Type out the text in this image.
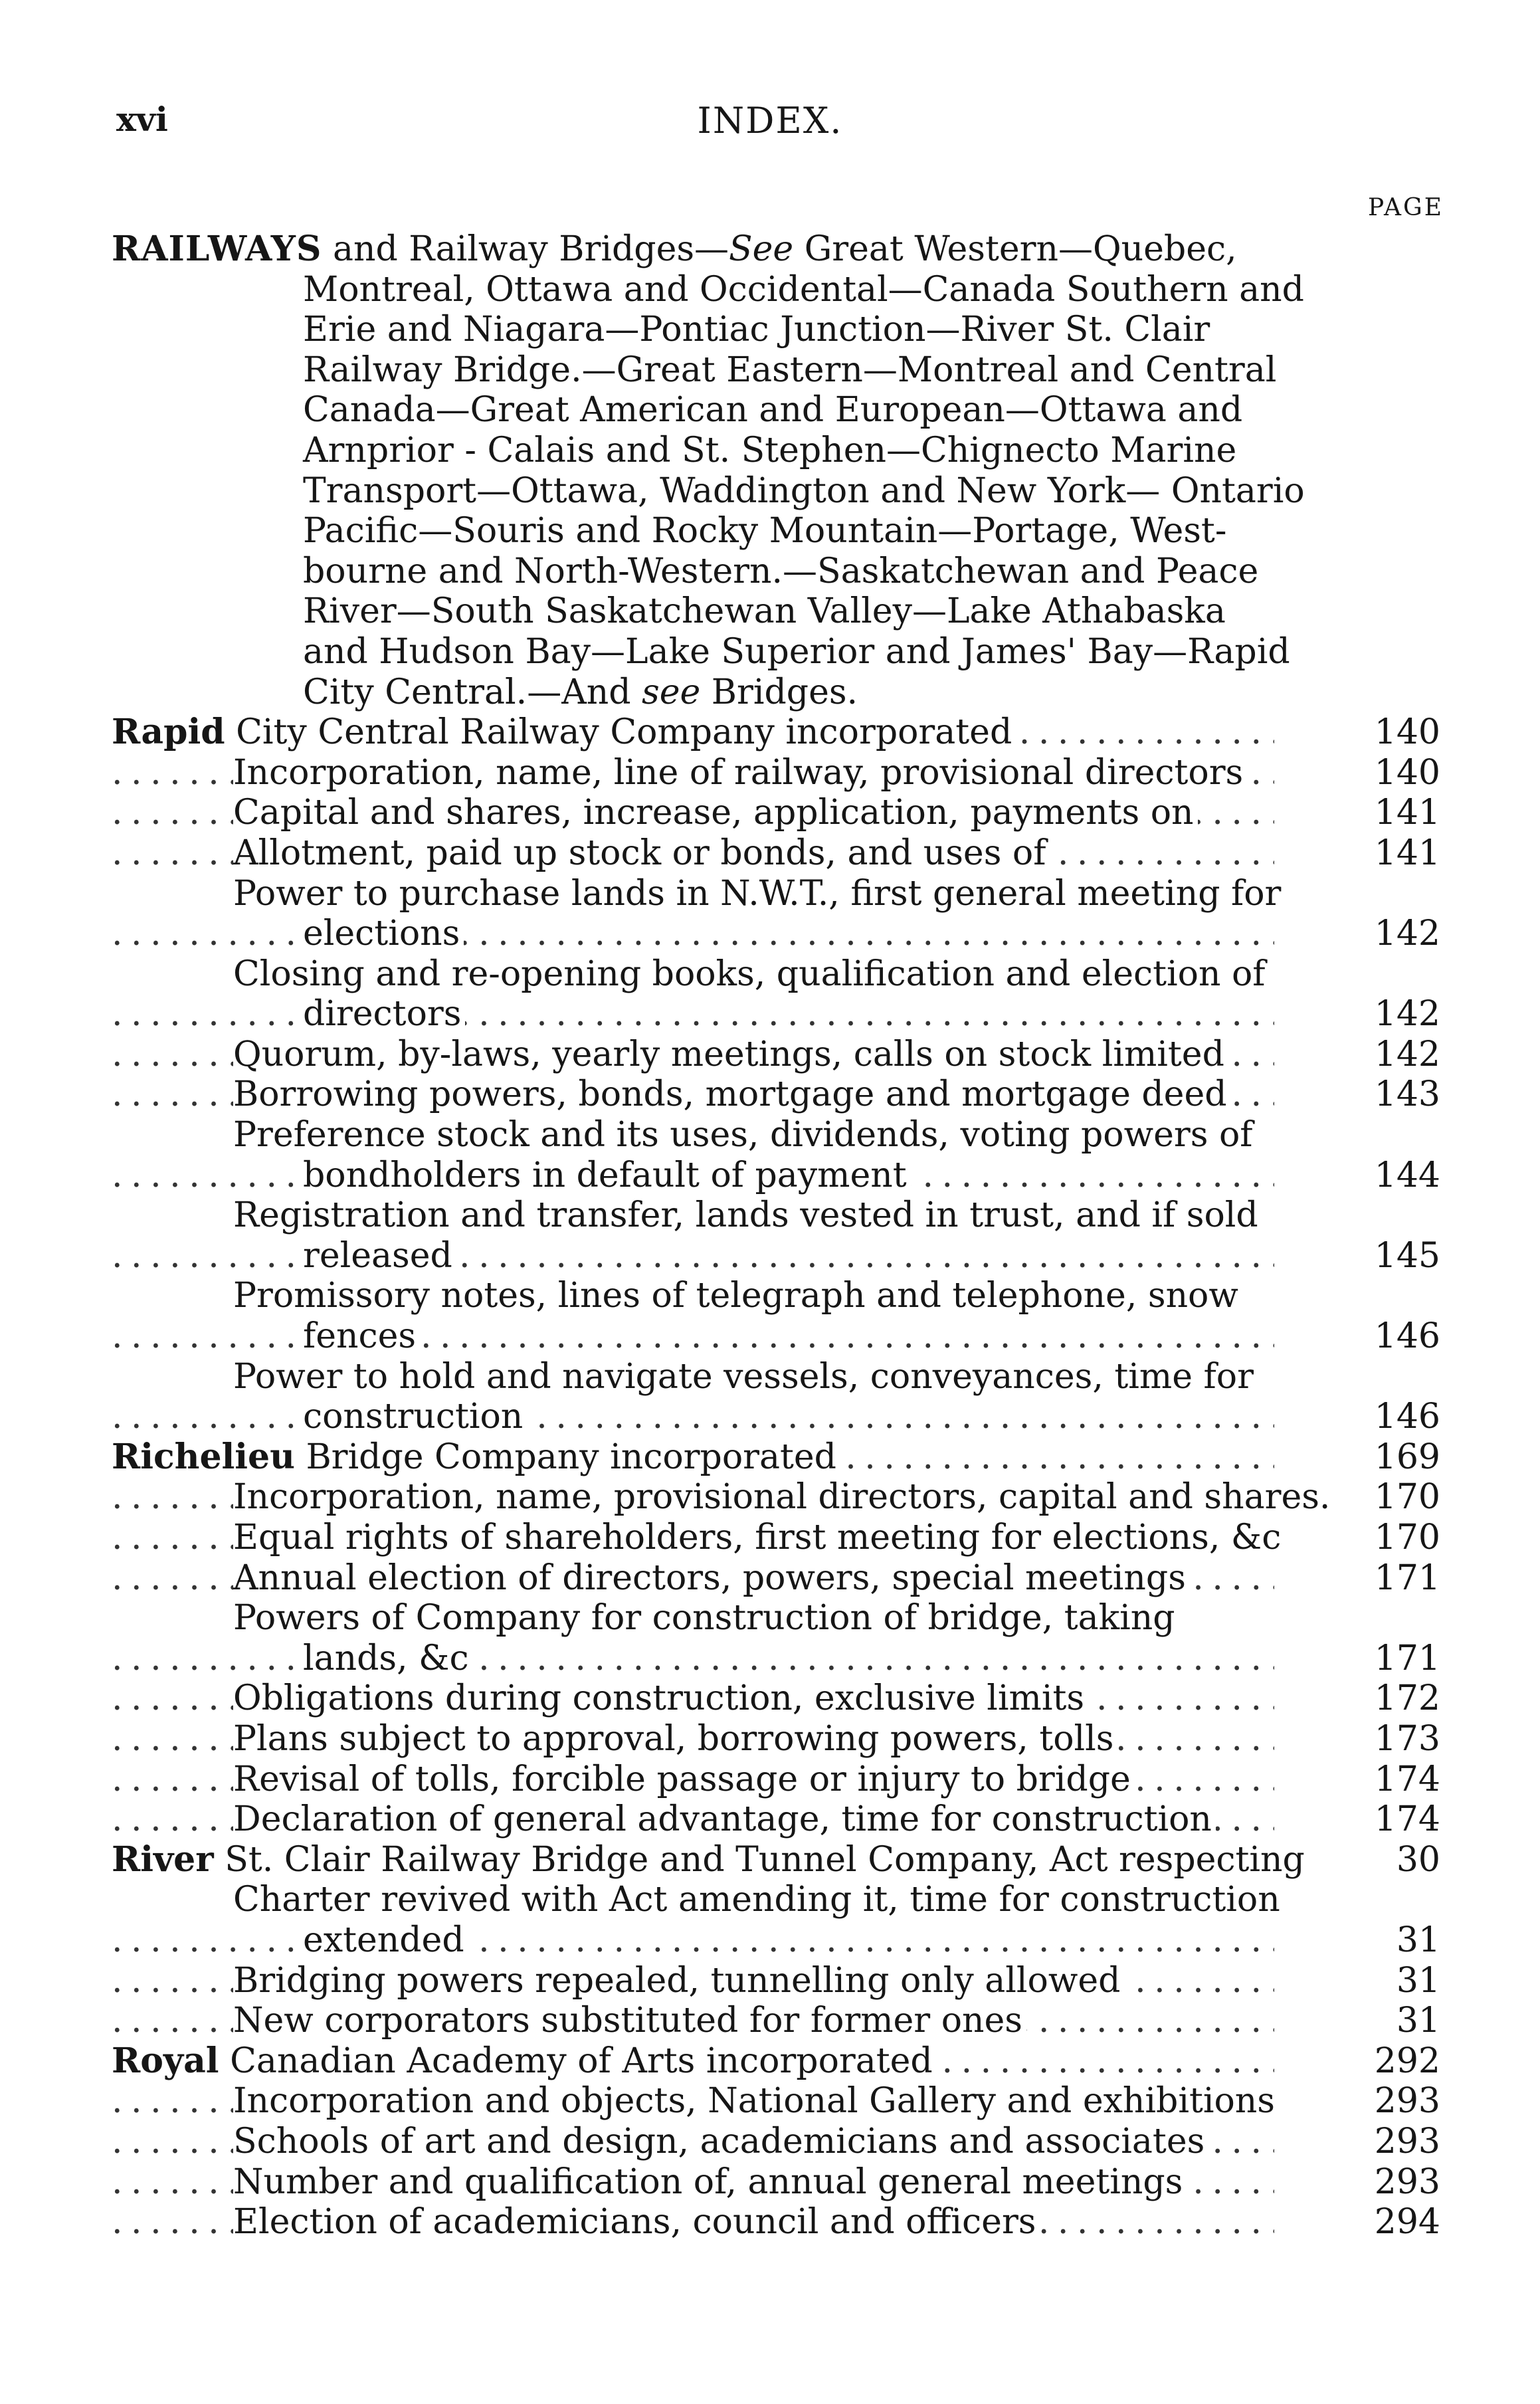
xvi	INDEX.
PAGE
RAILWAYS and Railway Bridges—See Great Western—Quebec,
Montreal, Ottawa and Occidental—Canada Southern and
Erie and Niagara—Pontiac Junction—River St. Clair
Railway Bridge.—Great Eastern—Montreal and Central
Canada—Great American and European—Ottawa and
Arnprior - Calais and St. Stephen—Chignecto Marine
Transport—Ottawa, Waddington and New York— Ontario
Pacific—Souris and Rocky Mountain—Portage, West-
bourne and North-Western.—Saskatchewan and Peace
River—South Saskatchewan Valley—Lake Athabaska
and Hudson Bay—Lake Superior and James' Bay—Rapid
City Central.—And see Bridges.
Rapid City Central Railway Company incorporated . .	140
Incorporation, name, line of railway, provisional directors . .	140
Capital and shares, increase, application, payments on . .	141
Allotment, paid up stock or bonds, and uses of . .	141
Power to purchase lands in N.W.T., first general meeting for
elections . .	142
Closing and re-opening books, qualification and election of
directors . .	142
Quorum, by-laws, yearly meetings, calls on stock limited . .	142
Borrowing powers, bonds, mortgage and mortgage deed . .	143
Preference stock and its uses, dividends, voting powers of
bondholders in default of payment . .	144
Registration and transfer, lands vested in trust, and if sold
released . .	145
Promissory notes, lines of telegraph and telephone, snow
fences . .	146
Power to hold and navigate vessels, conveyances, time for
construction . .	146
Richelieu Bridge Company incorporated . .	169
Incorporation, name, provisional directors, capital and shares. . .	170
Equal rights of shareholders, first meeting for elections, &c . .	170
Annual election of directors, powers, special meetings . .	171
Powers of Company for construction of bridge, taking
lands, &c . .	171
Obligations during construction, exclusive limits . .	172
Plans subject to approval, borrowing powers, tolls . .	173
Revisal of tolls, forcible passage or injury to bridge . .	174
Declaration of general advantage, time for construction . .	174
River St. Clair Railway Bridge and Tunnel Company, Act respecting . .	30
Charter revived with Act amending it, time for construction
extended . .	31
Bridging powers repealed, tunnelling only allowed . .	31
New corporators substituted for former ones . .	31
Royal Canadian Academy of Arts incorporated . .	292
Incorporation and objects, National Gallery and exhibitions . .	293
Schools of art and design, academicians and associates . .	293
Number and qualification of, annual general meetings . .	293
Election of academicians, council and officers . .	294
